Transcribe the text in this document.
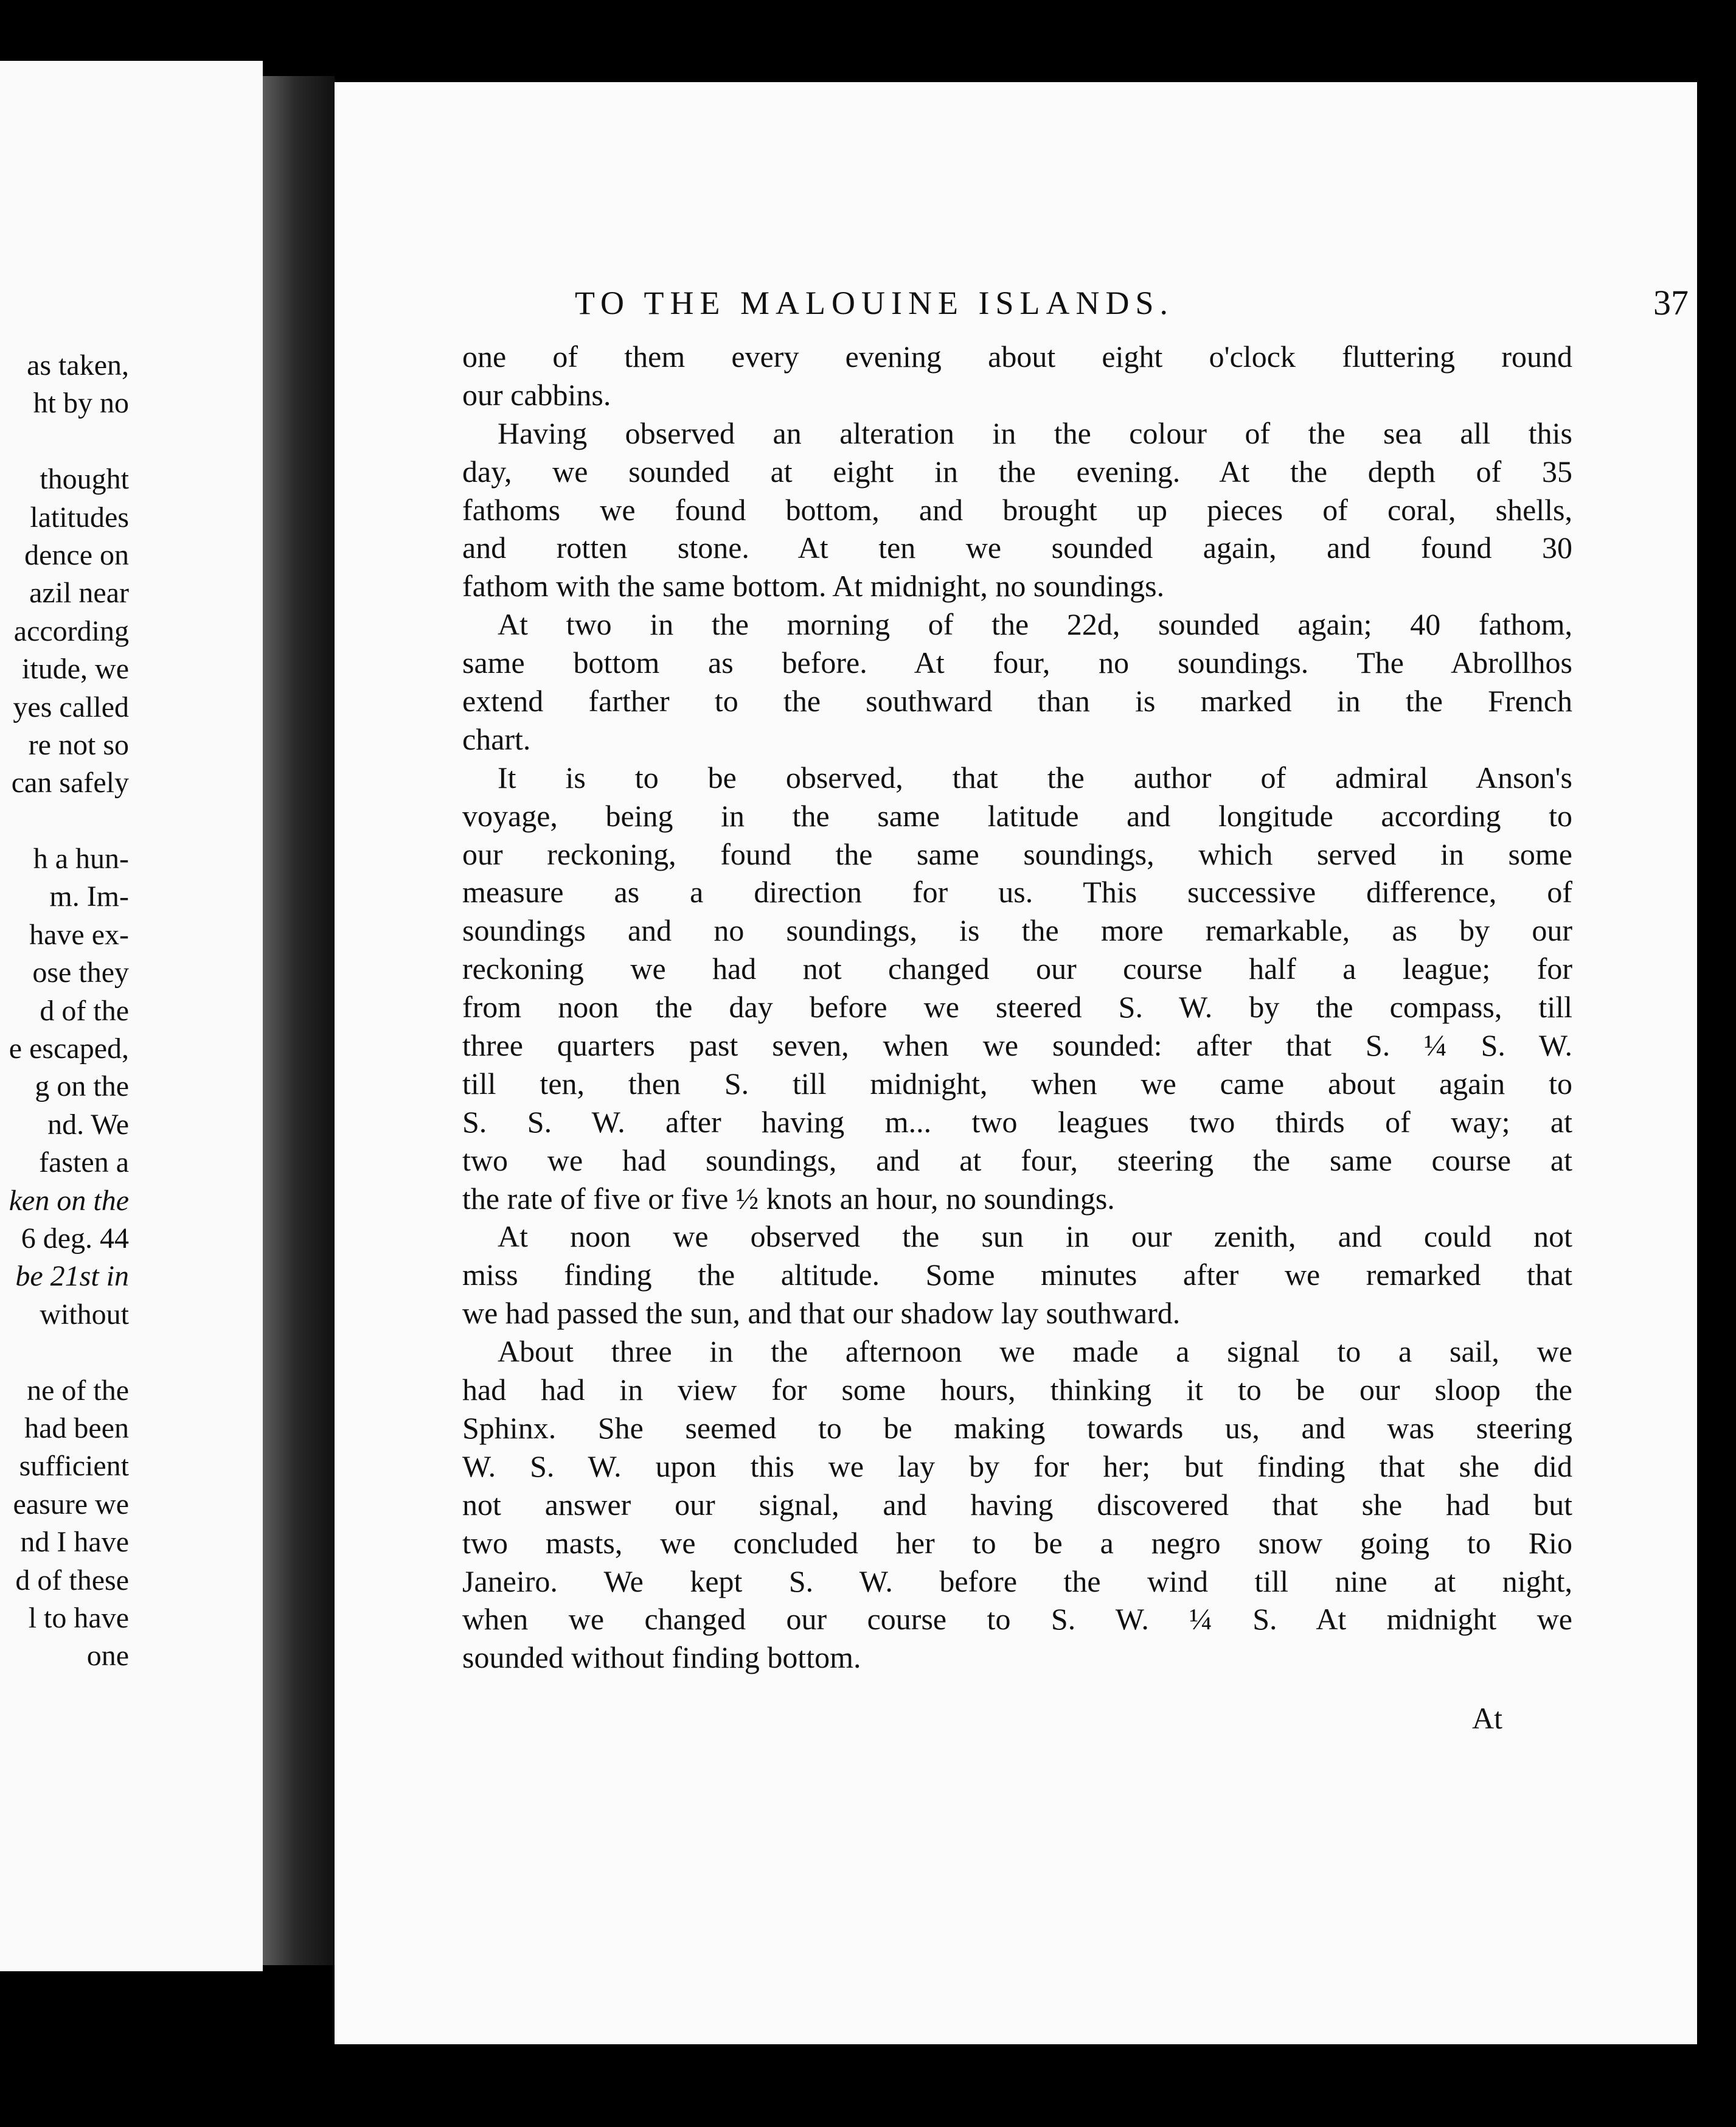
as taken,
ht by no
thought
latitudes
dence on
azil near
according
itude, we
yes called
re not so
can safely
h a hun-
m. Im-
have ex-
ose they
d of the
e escaped,
g on the
nd. We
fasten a
ken on the
6 deg. 44
be 21st in
without
ne of the
had been
sufficient
easure we
nd I have
d of these
l to have
one
TO THE MALOUINE ISLANDS.	37
one of them every evening about eight o'clock fluttering round
our cabbins.
Having observed an alteration in the colour of the sea all this
day, we sounded at eight in the evening. At the depth of 35
fathoms we found bottom, and brought up pieces of coral, shells,
and rotten stone. At ten we sounded again, and found 30
fathom with the same bottom. At midnight, no soundings.
At two in the morning of the 22d, sounded again; 40 fathom,
same bottom as before. At four, no soundings. The Abrollhos
extend farther to the southward than is marked in the French
chart.
It is to be observed, that the author of admiral Anson's
voyage, being in the same latitude and longitude according to
our reckoning, found the same soundings, which served in some
measure as a direction for us. This successive difference, of
soundings and no soundings, is the more remarkable, as by our
reckoning we had not changed our course half a league; for
from noon the day before we steered S. W. by the compass, till
three quarters past seven, when we sounded: after that S. ¼ S. W.
till ten, then S. till midnight, when we came about again to
S. S. W. after having m... two leagues two thirds of way; at
two we had soundings, and at four, steering the same course at
the rate of five or five ½ knots an hour, no soundings.
At noon we observed the sun in our zenith, and could not
miss finding the altitude. Some minutes after we remarked that
we had passed the sun, and that our shadow lay southward.
About three in the afternoon we made a signal to a sail, we
had had in view for some hours, thinking it to be our sloop the
Sphinx. She seemed to be making towards us, and was steering
W. S. W. upon this we lay by for her; but finding that she did
not answer our signal, and having discovered that she had but
two masts, we concluded her to be a negro snow going to Rio
Janeiro. We kept S. W. before the wind till nine at night,
when we changed our course to S. W. ¼ S. At midnight we
sounded without finding bottom.
At
